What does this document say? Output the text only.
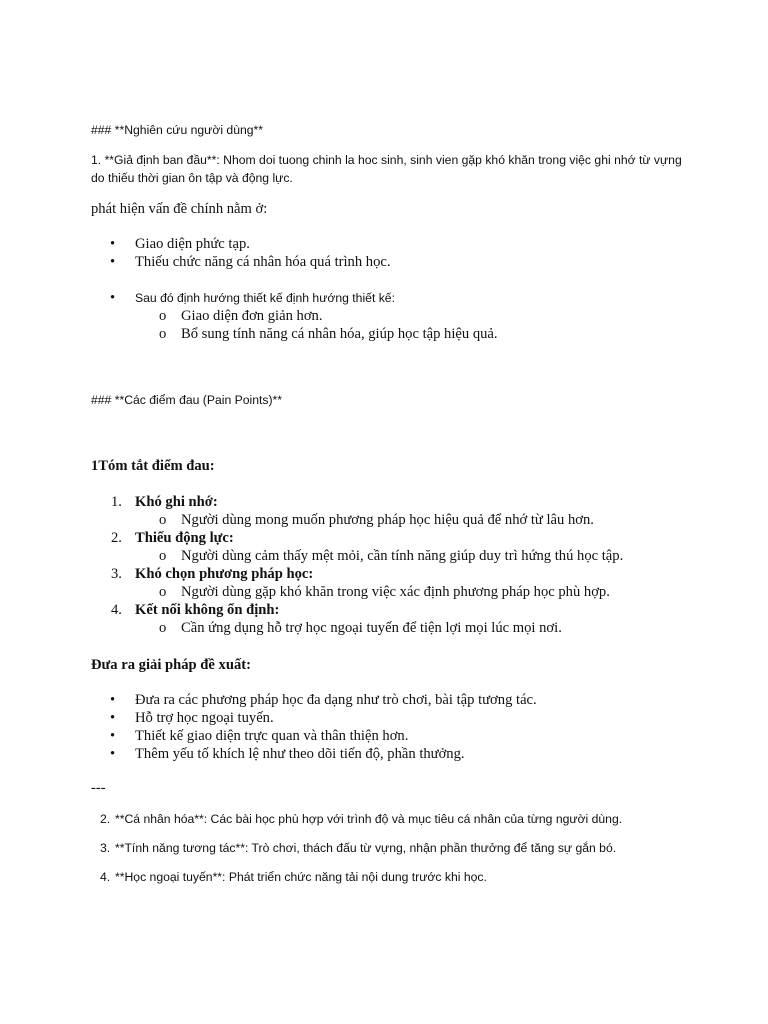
### **Nghiên cứu người dùng**

1. **Giả định ban đầu**: Nhom doi tuong chinh la hoc sinh, sinh vien gặp khó khăn trong việc ghi nhớ từ vựng do thiếu thời gian ôn tập và động lực.

phát hiện vấn đề chính nằm ở:

• Giao diện phức tạp.
• Thiếu chức năng cá nhân hóa quá trình học.
• Sau đó định hướng thiết kế định hướng thiết kế:
o Giao diện đơn giản hơn.
o Bổ sung tính năng cá nhân hóa, giúp học tập hiệu quả.

### **Các điểm đau (Pain Points)**

1Tóm tắt điểm đau:

1. Khó ghi nhớ:
o Người dùng mong muốn phương pháp học hiệu quả để nhớ từ lâu hơn.
2. Thiếu động lực:
o Người dùng cảm thấy mệt mỏi, cần tính năng giúp duy trì hứng thú học tập.
3. Khó chọn phương pháp học:
o Người dùng gặp khó khăn trong việc xác định phương pháp học phù hợp.
4. Kết nối không ổn định:
o Cần ứng dụng hỗ trợ học ngoại tuyến để tiện lợi mọi lúc mọi nơi.

Đưa ra giải pháp đề xuất:

• Đưa ra các phương pháp học đa dạng như trò chơi, bài tập tương tác.
• Hỗ trợ học ngoại tuyến.
• Thiết kế giao diện trực quan và thân thiện hơn.
• Thêm yếu tố khích lệ như theo dõi tiến độ, phần thưởng.

---

2. **Cá nhân hóa**: Các bài học phù hợp với trình độ và mục tiêu cá nhân của từng người dùng.
3. **Tính năng tương tác**: Trò chơi, thách đấu từ vựng, nhận phần thưởng để tăng sự gắn bó.
4. **Học ngoại tuyến**: Phát triển chức năng tải nội dung trước khi học.
